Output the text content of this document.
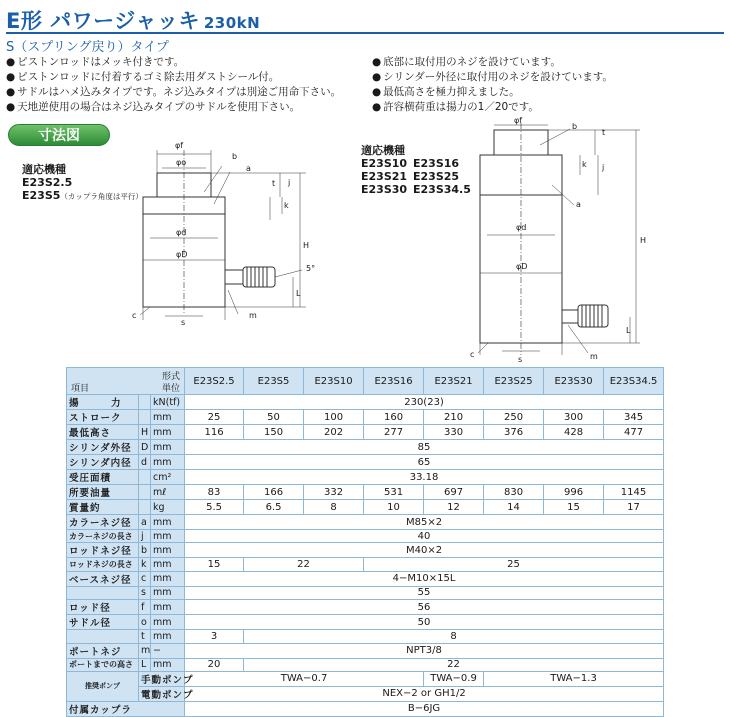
E形 パワージャッキ 230kN
S（スプリング戻り）タイプ
● ピストンロッドはメッキ付きです。
● ピストンロッドに付着するゴミ除去用ダストシール付。
● サドルはハメ込みタイプです。ネジ込みタイプは別途ご用命下さい。
● 天地逆使用の場合はネジ込みタイプのサドルを使用下さい。
● 底部に取付用のネジを設けています。
● シリンダー外径に取付用のネジを設けています。
● 最低高さを極力抑えました。
● 許容横荷重は揚力の1／20です。
寸法図
適応機種
E23S2.5
E23S5（カップラ角度は平行）
適応機種
E23S10 E23S16
E23S21 E23S25
E23S30 E23S34.5
φf
φo
b
a
j
k
t
φd
φD
H
5°
L
c	m
s
φf
b
t
j
k
a
φd
φD
H
L
c	m
s
形式
単位
項目			E23S2.5	E23S5	E23S10	E23S16	E23S21	E23S25	E23S30	E23S34.5
揚　　　力		kN(tf)	230(23)							
ストローク		mm	25	50	100	160	210	250	300	345
最低高さ	H	mm	116	150	202	277	330	376	428	477
シリンダ外径	D	mm	85							
シリンダ内径	d	mm	65							
受圧面積		cm²	33.18							
所要油量		mℓ	83	166	332	531	697	830	996	1145
質量約		kg	5.5	6.5	8	10	12	14	15	17
カラーネジ径	a	mm	M85×2							
カラーネジの長さ	j	mm	40							
ロッドネジ径	b	mm	M40×2							
ロッドネジの長さ	k	mm	15	22		25				
ベースネジ径	c	mm	4−M10×15L							
	s	mm	55							
ロッド径	f	mm	56							
サドル径	o	mm	50							
	t	mm	3	8						
ポートネジ	m	−	NPT3/8							
ポートまでの高さ	L	mm	20	22						
推奨ポンプ	手動ポンプ		TWA−0.7				TWA−0.9	TWA−1.3		
	電動ポンプ		NEX−2 or GH1/2							
付属カップラ			B−6JG							
